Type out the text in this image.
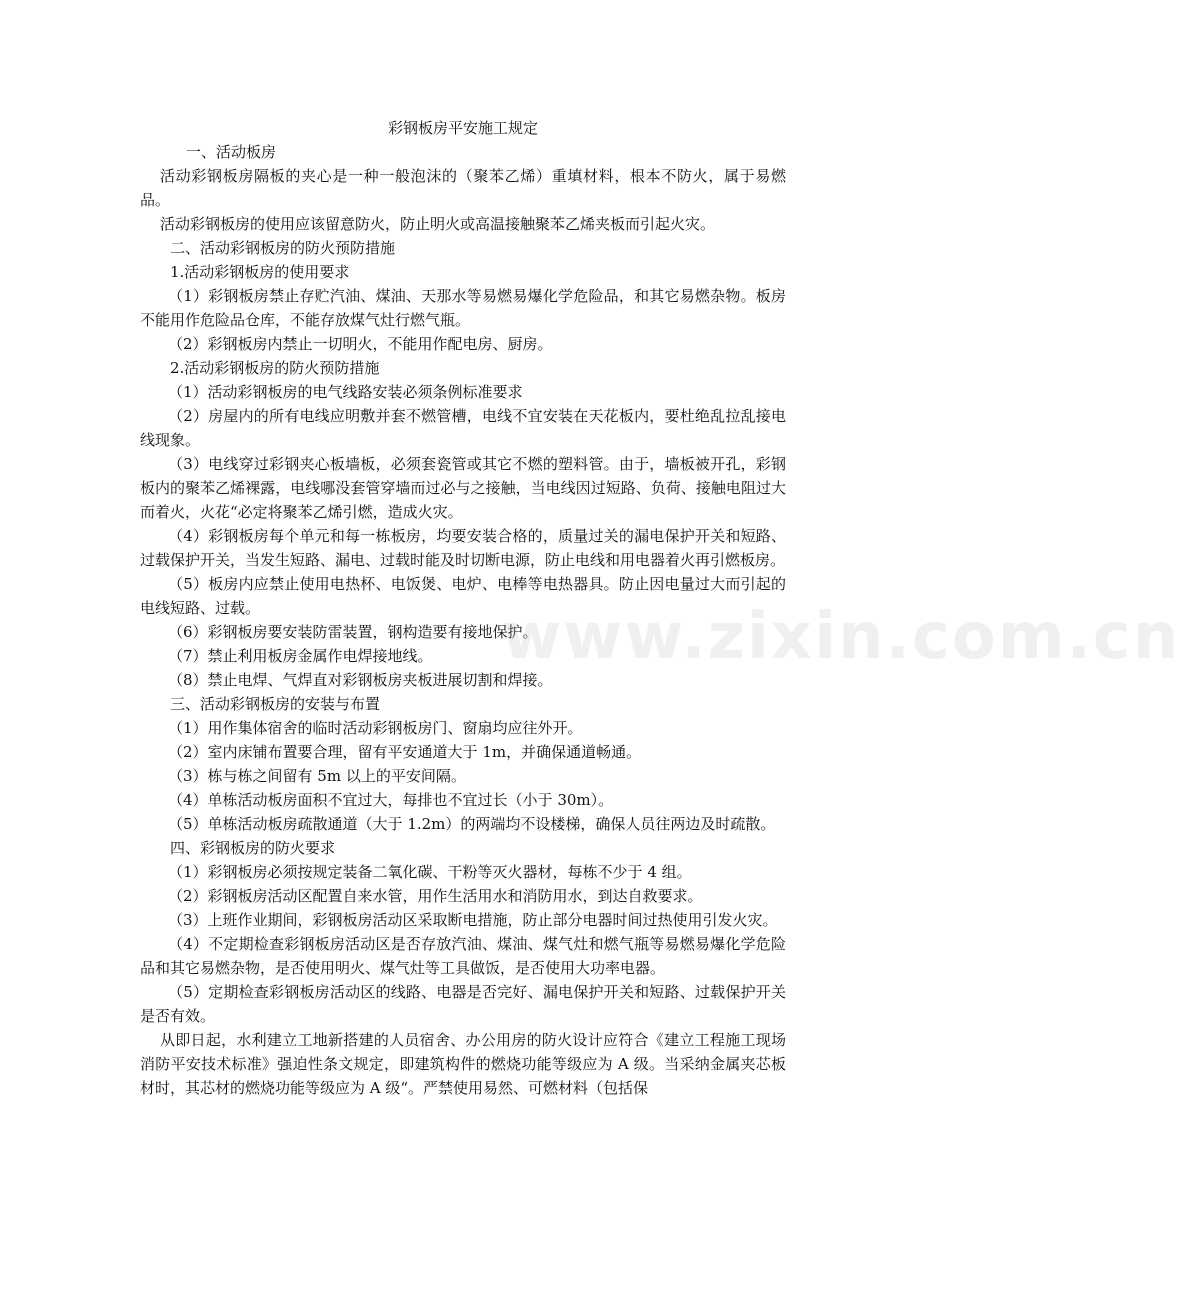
彩钢板房平安施工规定

一、活动板房

活动彩钢板房隔板的夹心是一种一般泡沫的（聚苯乙烯）重填材料，根本不防火，属于易燃品。

活动彩钢板房的使用应该留意防火，防止明火或高温接触聚苯乙烯夹板而引起火灾。

二、活动彩钢板房的防火预防措施

1.活动彩钢板房的使用要求

（1）彩钢板房禁止存贮汽油、煤油、天那水等易燃易爆化学危险品，和其它易燃杂物。板房不能用作危险品仓库，不能存放煤气灶行燃气瓶。

（2）彩钢板房内禁止一切明火，不能用作配电房、厨房。

2.活动彩钢板房的防火预防措施

（1）活动彩钢板房的电气线路安装必须条例标准要求

（2）房屋内的所有电线应明敷并套不燃管槽，电线不宜安装在天花板内，要杜绝乱拉乱接电线现象。

（3）电线穿过彩钢夹心板墙板，必须套瓷管或其它不燃的塑料管。由于，墙板被开孔，彩钢板内的聚苯乙烯裸露，电线哪没套管穿墙而过必与之接触，当电线因过短路、负荷、接触电阻过大而着火，火花“必定将聚苯乙烯引燃，造成火灾。

（4）彩钢板房每个单元和每一栋板房，均要安装合格的，质量过关的漏电保护开关和短路、过载保护开关，当发生短路、漏电、过载时能及时切断电源，防止电线和用电器着火再引燃板房。

（5）板房内应禁止使用电热杯、电饭煲、电炉、电棒等电热器具。防止因电量过大而引起的电线短路、过载。

（6）彩钢板房要安装防雷装置，钢构造要有接地保护。

（7）禁止利用板房金属作电焊接地线。

（8）禁止电焊、气焊直对彩钢板房夹板进展切割和焊接。

三、活动彩钢板房的安装与布置

（1）用作集体宿舍的临时活动彩钢板房门、窗扇均应往外开。

（2）室内床铺布置要合理，留有平安通道大于 1m，并确保通道畅通。

（3）栋与栋之间留有 5m 以上的平安间隔。

（4）单栋活动板房面积不宜过大，每排也不宜过长（小于 30m）。

（5）单栋活动板房疏散通道（大于 1.2m）的两端均不设楼梯，确保人员往两边及时疏散。

四、彩钢板房的防火要求

（1）彩钢板房必须按规定装备二氧化碳、干粉等灭火器材，每栋不少于 4 组。

（2）彩钢板房活动区配置自来水管，用作生活用水和消防用水，到达自救要求。

（3）上班作业期间，彩钢板房活动区采取断电措施，防止部分电器时间过热使用引发火灾。

（4）不定期检查彩钢板房活动区是否存放汽油、煤油、煤气灶和燃气瓶等易燃易爆化学危险品和其它易燃杂物，是否使用明火、煤气灶等工具做饭，是否使用大功率电器。

（5）定期检查彩钢板房活动区的线路、电器是否完好、漏电保护开关和短路、过载保护开关是否有效。

从即日起，水利建立工地新搭建的人员宿舍、办公用房的防火设计应符合《建立工程施工现场消防平安技术标准》强迫性条文规定，即建筑构件的燃烧功能等级应为 A 级。当采纳金属夹芯板材时，其芯材的燃烧功能等级应为 A 级“。严禁使用易然、可燃材料（包括保

www.zixin.com.cn
